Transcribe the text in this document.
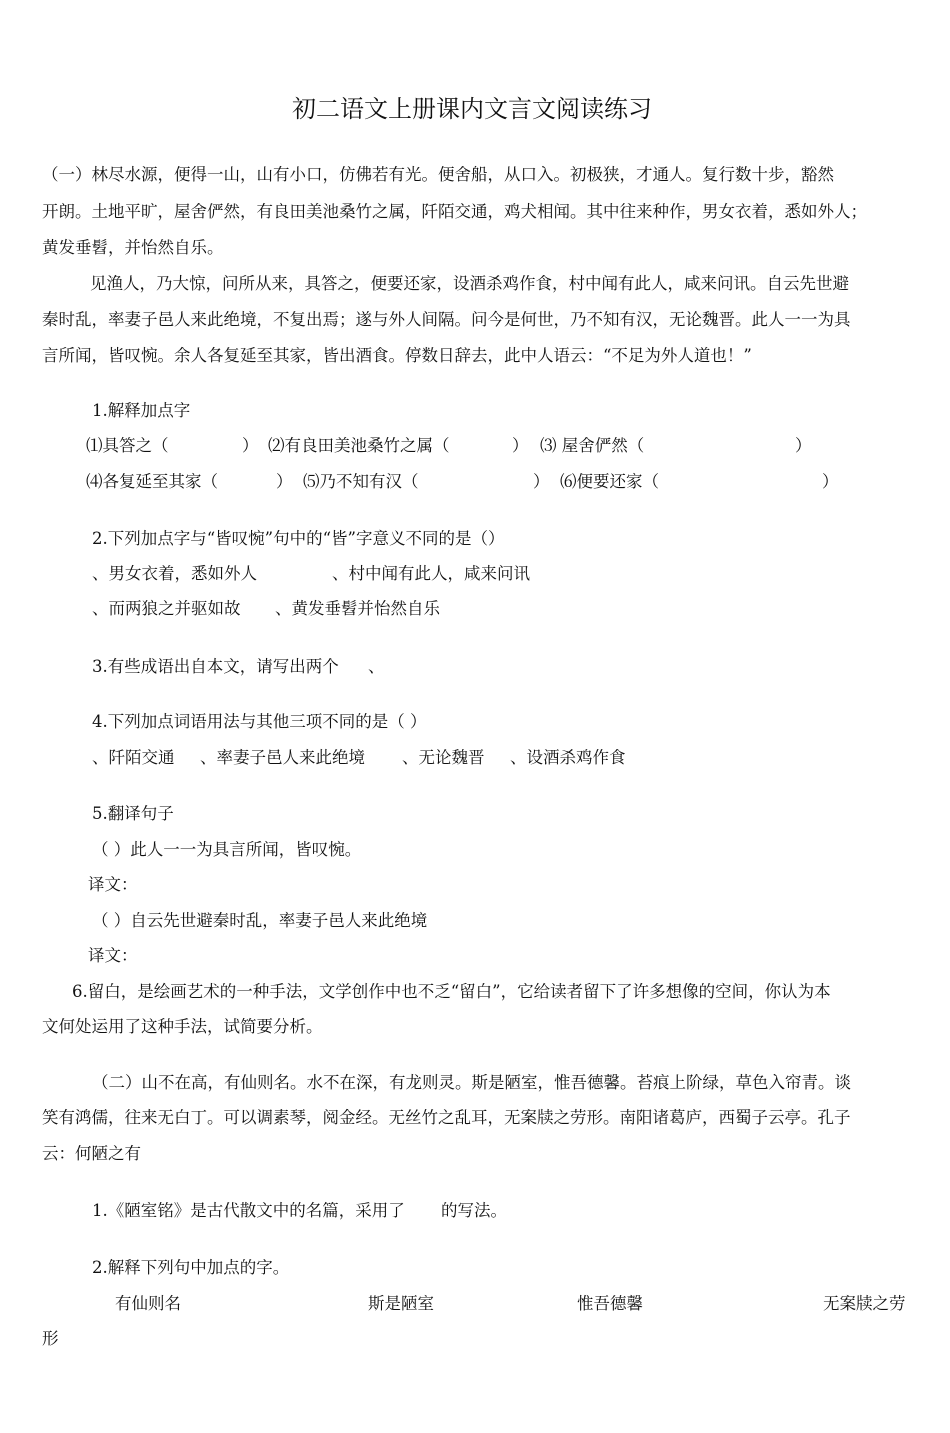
初二语文上册课内文言文阅读练习
（一）林尽水源，便得一山，山有小口，仿佛若有光。便舍船，从口入。初极狭，才通人。复行数十步，豁然
开朗。土地平旷，屋舍俨然，有良田美池桑竹之属，阡陌交通，鸡犬相闻。其中往来种作，男女衣着，悉如外人；
黄发垂髫，并怡然自乐。
见渔人，乃大惊，问所从来，具答之，便要还家，设酒杀鸡作食，村中闻有此人，咸来问讯。自云先世避
秦时乱，率妻子邑人来此绝境，不复出焉；遂与外人间隔。问今是何世，乃不知有汉，无论魏晋。此人一一为具
言所闻，皆叹惋。余人各复延至其家，皆出酒食。停数日辞去，此中人语云：“不足为外人道也！”
1.解释加点字
⑴具答之（	） ⑵有良田美池桑竹之属（	） ⑶ 屋舍俨然（	）
⑷各复延至其家（	） ⑸乃不知有汉（	） ⑹便要还家（	）
2.下列加点字与“皆叹惋”句中的“皆”字意义不同的是（）
、男女衣着，悉如外人	、村中闻有此人，咸来问讯
、而两狼之并驱如故 、黄发垂髫并怡然自乐
3.有些成语出自本文，请写出两个 、
4.下列加点词语用法与其他三项不同的是（ ）
、阡陌交通 、率妻子邑人来此绝境 、无论魏晋 、设酒杀鸡作食
5.翻译句子
（ ）此人一一为具言所闻，皆叹惋。
译文：
（ ）自云先世避秦时乱，率妻子邑人来此绝境
译文：
6.留白，是绘画艺术的一种手法，文学创作中也不乏“留白”，它给读者留下了许多想像的空间，你认为本
文何处运用了这种手法，试简要分析。
（二）山不在高，有仙则名。水不在深，有龙则灵。斯是陋室，惟吾德馨。苔痕上阶绿，草色入帘青。谈
笑有鸿儒，往来无白丁。可以调素琴，阅金经。无丝竹之乱耳，无案牍之劳形。南阳诸葛庐，西蜀子云亭。孔子
云：何陋之有
1.《陋室铭》是古代散文中的名篇，采用了 的写法。
2.解释下列句中加点的字。
有仙则名	斯是陋室	惟吾德馨	无案牍之劳
形
